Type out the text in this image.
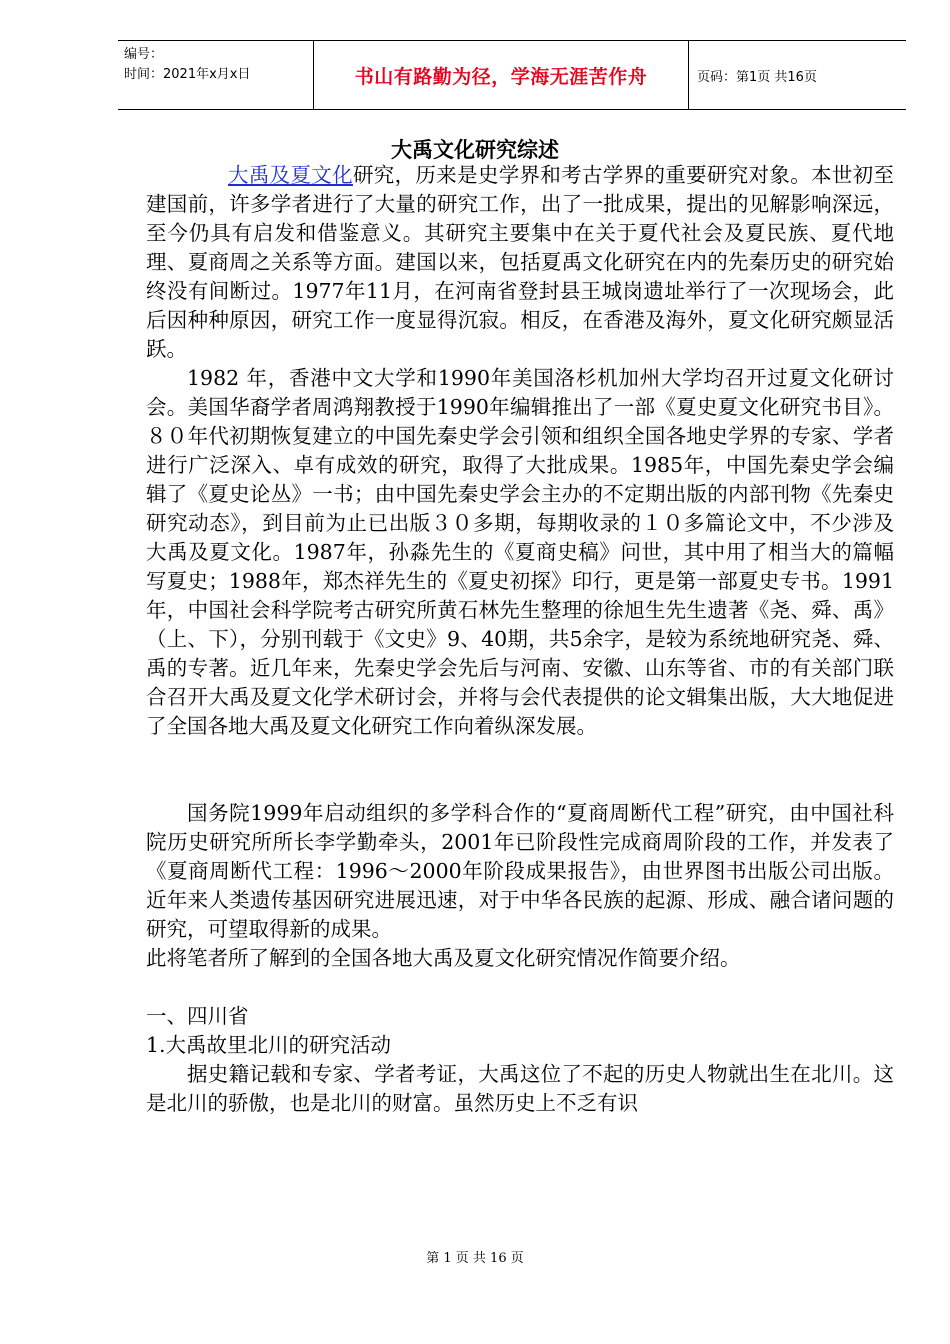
编号：
时间：2021年x月x日	书山有路勤为径，学海无涯苦作舟	页码：第1页 共16页
大禹文化研究综述

大禹及夏文化研究，历来是史学界和考古学界的重要研究对象。本世初至建国前，许多学者进行了大量的研究工作，出了一批成果，提出的见解影响深远，至今仍具有启发和借鉴意义。其研究主要集中在关于夏代社会及夏民族、夏代地理、夏商周之关系等方面。建国以来，包括夏禹文化研究在内的先秦历史的研究始终没有间断过。1977年11月，在河南省登封县王城岗遗址举行了一次现场会，此后因种种原因，研究工作一度显得沉寂。相反，在香港及海外，夏文化研究颇显活跃。

1982 年，香港中文大学和1990年美国洛杉机加州大学均召开过夏文化研讨会。美国华裔学者周鸿翔教授于1990年编辑推出了一部《夏史夏文化研究书目》。８０年代初期恢复建立的中国先秦史学会引领和组织全国各地史学界的专家、学者进行广泛深入、卓有成效的研究，取得了大批成果。1985年，中国先秦史学会编辑了《夏史论丛》一书；由中国先秦史学会主办的不定期出版的内部刊物《先秦史研究动态》，到目前为止已出版３０多期，每期收录的１０多篇论文中，不少涉及大禹及夏文化。1987年，孙淼先生的《夏商史稿》问世，其中用了相当大的篇幅写夏史；1988年，郑杰祥先生的《夏史初探》印行，更是第一部夏史专书。1991年，中国社会科学院考古研究所黄石林先生整理的徐旭生先生遗著《尧、舜、禹》（上、下），分别刊载于《文史》9、40期，共5余字，是较为系统地研究尧、舜、禹的专著。近几年来，先秦史学会先后与河南、安徽、山东等省、市的有关部门联合召开大禹及夏文化学术研讨会，并将与会代表提供的论文辑集出版，大大地促进了全国各地大禹及夏文化研究工作向着纵深发展。

国务院1999年启动组织的多学科合作的“夏商周断代工程”研究，由中国社科院历史研究所所长李学勤牵头，2001年已阶段性完成商周阶段的工作，并发表了《夏商周断代工程：1996～2000年阶段成果报告》，由世界图书出版公司出版。近年来人类遗传基因研究进展迅速，对于中华各民族的起源、形成、融合诸问题的研究，可望取得新的成果。

此将笔者所了解到的全国各地大禹及夏文化研究情况作简要介绍。

一、四川省

1.大禹故里北川的研究活动

据史籍记载和专家、学者考证，大禹这位了不起的历史人物就出生在北川。这是北川的骄傲，也是北川的财富。虽然历史上不乏有识

第 1 页 共 16 页
